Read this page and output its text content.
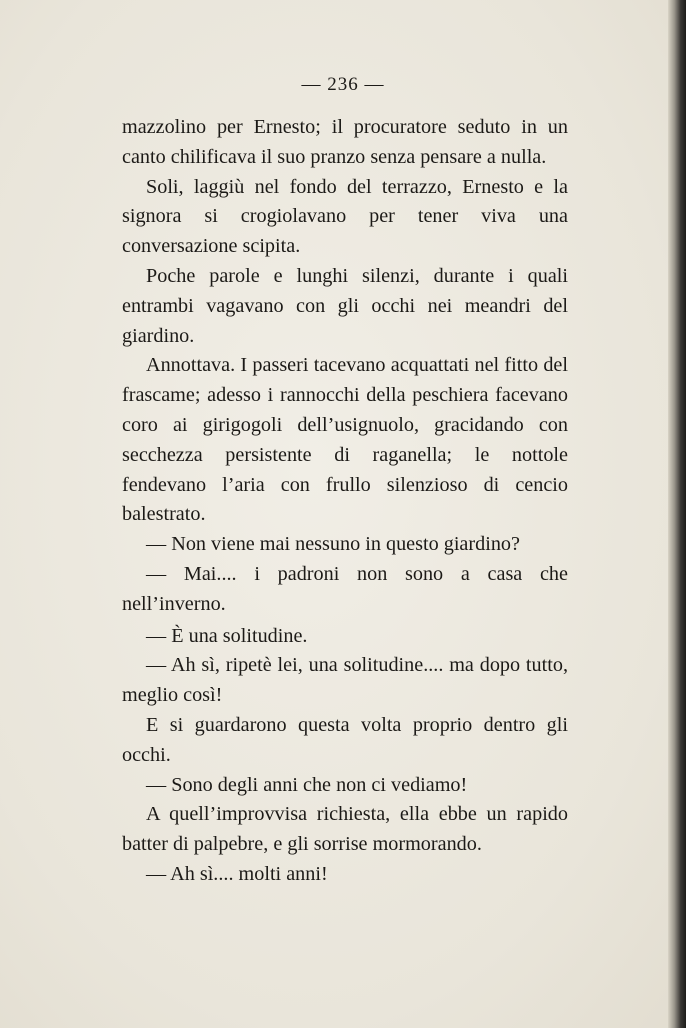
— 236 —

mazzolino per Ernesto; il procuratore seduto in un canto chilificava il suo pranzo senza pensare a nulla.

Soli, laggiù nel fondo del terrazzo, Ernesto e la signora si crogiolavano per tener viva una conversazione scipita.

Poche parole e lunghi silenzi, durante i quali entrambi vagavano con gli occhi nei meandri del giardino.

Annottava. I passeri tacevano acquattati nel fitto del frascame; adesso i rannocchi della peschiera facevano coro ai girigogoli dell’usignuolo, gracidando con secchezza persistente di raganella; le nottole fendevano l’aria con frullo silenzioso di cencio balestrato.

— Non viene mai nessuno in questo giardino?

— Mai.... i padroni non sono a casa che nell’inverno.

— È una solitudine.

— Ah sì, ripetè lei, una solitudine.... ma dopo tutto, meglio così!

E si guardarono questa volta proprio dentro gli occhi.

— Sono degli anni che non ci vediamo!

A quell’improvvisa richiesta, ella ebbe un rapido batter di palpebre, e gli sorrise mormorando.

— Ah sì.... molti anni!
